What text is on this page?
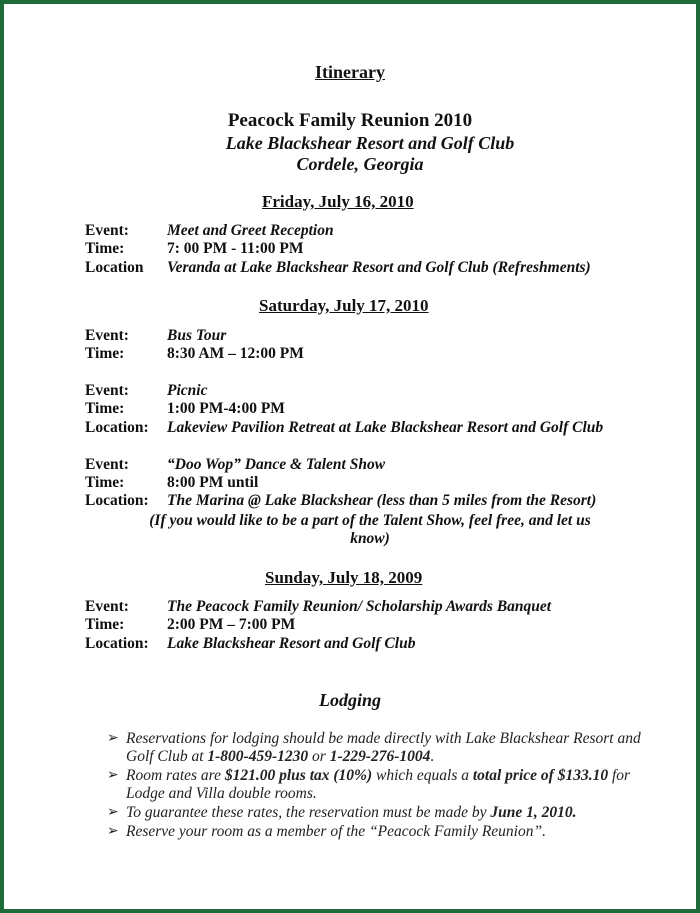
Itinerary
Peacock Family Reunion 2010
Lake Blackshear Resort and Golf Club
Cordele, Georgia
Friday, July 16, 2010
Event: Meet and Greet Reception
Time:	7: 00 PM - 11:00 PM
Location Veranda at Lake Blackshear Resort and Golf Club (Refreshments)
Saturday, July 17, 2010
Event: Bus Tour
Time:	8:30 AM – 12:00 PM
Event: Picnic
Time:	1:00 PM-4:00 PM
Location: Lakeview Pavilion Retreat at Lake Blackshear Resort and Golf Club
Event: “Doo Wop” Dance & Talent Show
Time:	8:00 PM until
Location: The Marina @ Lake Blackshear (less than 5 miles from the Resort)
(If you would like to be a part of the Talent Show, feel free, and let us
know)
Sunday, July 18, 2009
Event: The Peacock Family Reunion/ Scholarship Awards Banquet
Time:	2:00 PM – 7:00 PM
Location: Lake Blackshear Resort and Golf Club
Lodging
➢ Reservations for lodging should be made directly with Lake Blackshear Resort and Golf Club at 1-800-459-1230 or 1-229-276-1004.
➢ Room rates are $121.00 plus tax (10%) which equals a total price of $133.10 for Lodge and Villa double rooms.
➢ To guarantee these rates, the reservation must be made by June 1, 2010.
➢ Reserve your room as a member of the “Peacock Family Reunion”.
